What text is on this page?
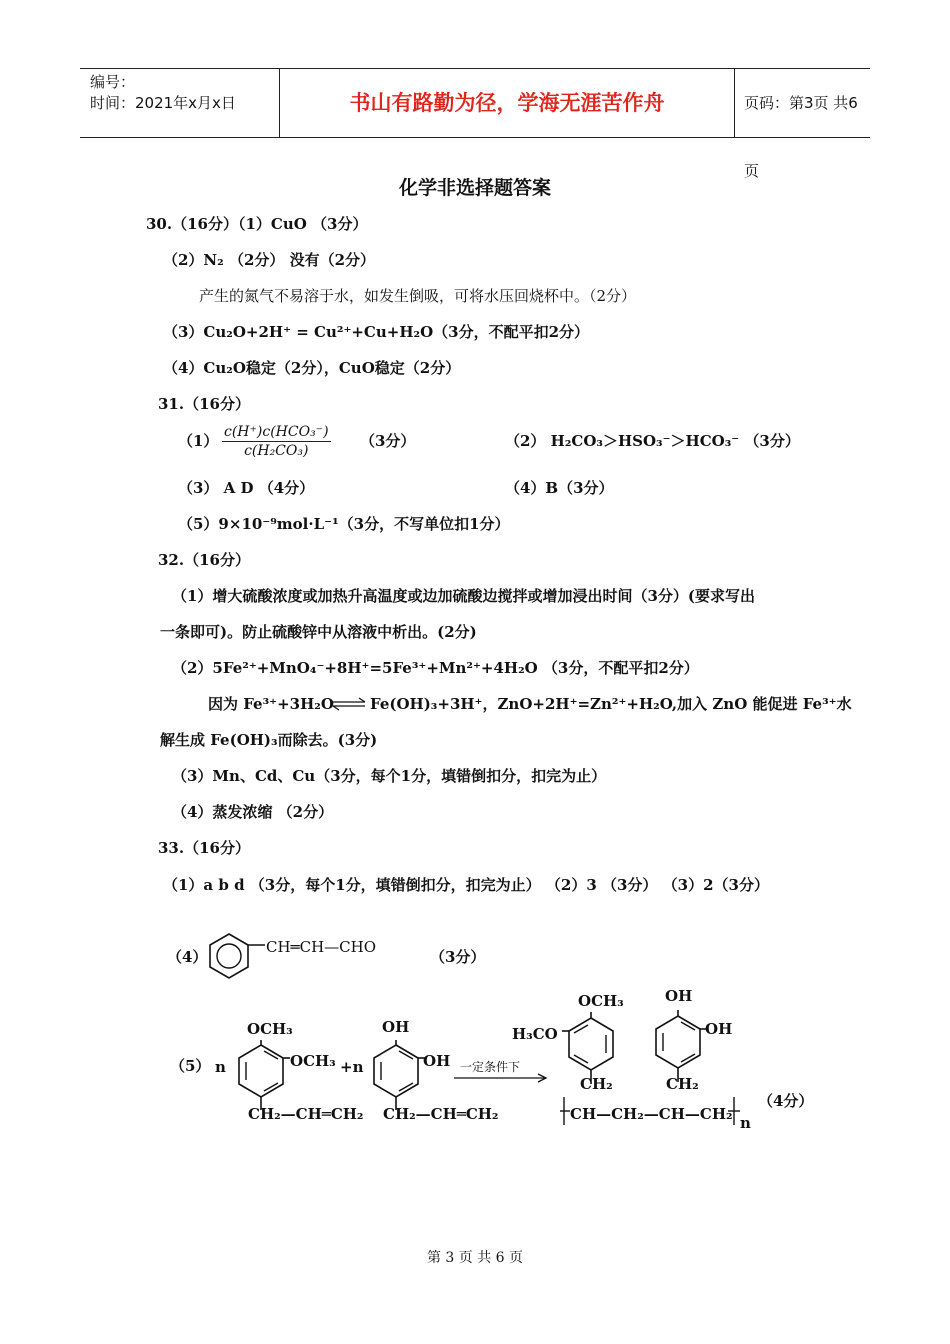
编号：
时间：2021年x月x日	书山有路勤为径，学海无涯苦作舟	页码：第3页 共6页
化学非选择题答案
30.（16分）（1）CuO （3分）
（2）N₂ （2分） 没有（2分）
产生的氮气不易溶于水，如发生倒吸，可将水压回烧杯中。（2分）
（3）Cu₂O+2H⁺ = Cu²⁺+Cu+H₂O（3分，不配平扣2分）
（4）Cu₂O稳定（2分），CuO稳定（2分）
31.（16分）
（1） c(H⁺)c(HCO₃⁻)
c(H₂CO₃)
（3分）	（2） H₂CO₃＞HSO₃⁻＞HCO₃⁻ （3分）
（3） A D （4分）	（4）B（3分）
（5）9×10⁻⁹mol·L⁻¹（3分，不写单位扣1分）
32.（16分）
（1）增大硫酸浓度或加热升高温度或边加硫酸边搅拌或增加浸出时间（3分）(要求写出
一条即可)。防止硫酸锌中从溶液中析出。(2分)
（2）5Fe²⁺+MnO₄⁻+8H⁺=5Fe³⁺+Mn²⁺+4H₂O （3分，不配平扣2分）
因为 Fe³⁺+3H₂O ⇌ Fe(OH)₃+3H⁺，ZnO+2H⁺=Zn²⁺+H₂O,加入 ZnO 能促进 Fe³⁺水
解生成 Fe(OH)₃而除去。(3分)
（3）Mn、Cd、Cu（3分，每个1分，填错倒扣分，扣完为止）
（4）蒸发浓缩 （2分）
33.（16分）
（1）a b d （3分，每个1分，填错倒扣分，扣完为止） （2）3 （3分） （3）2（3分）
（4）
CH═CH—CHO
（3分）
（5） n
OCH₃
OCH₃
CH₂—CH═CH₂
+n
OH
OH
CH₂—CH═CH₂
一定条件下
OCH₃
H₃CO
CH₂
OH
OH
CH₂
CH—CH₂—CH—CH₂ n
（4分）
第 3 页 共 6 页
